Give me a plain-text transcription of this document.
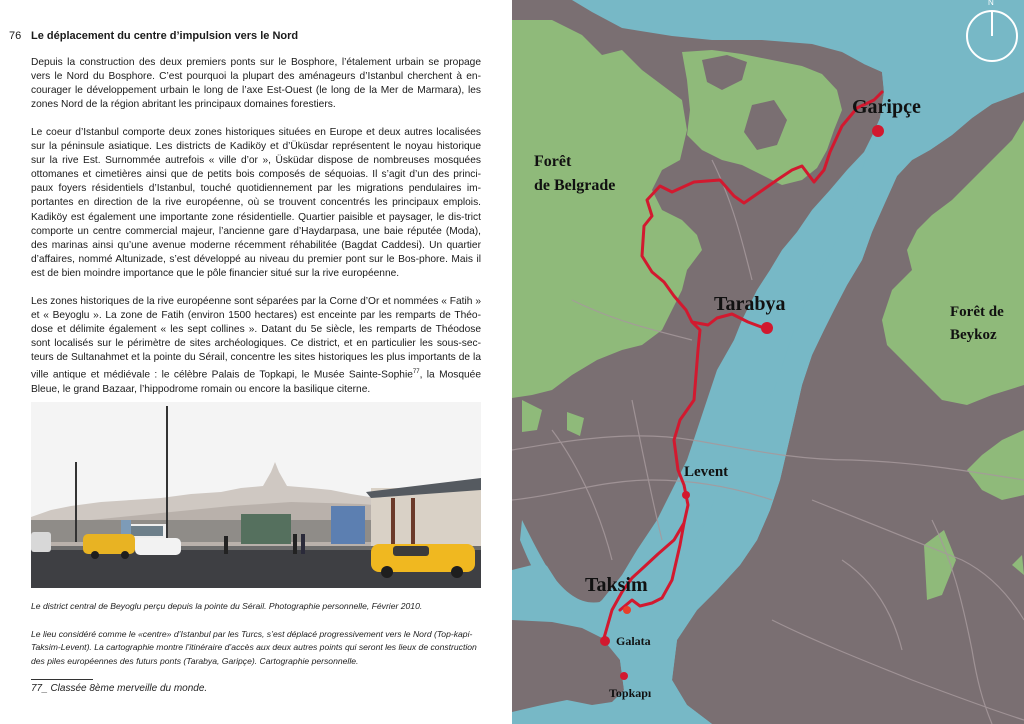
76 Le déplacement du centre d’impulsion vers le Nord

Depuis la construction des deux premiers ponts sur le Bosphore, l’étalement urbain se propage vers le Nord du Bosphore. C’est pourquoi la plupart des aménageurs d’Istanbul cherchent à en-courager le développement urbain le long de l’axe Est-Ouest (le long de la Mer de Marmara), les zones Nord de la région abritant les principaux domaines forestiers.

Le coeur d’Istanbul comporte deux zones historiques situées en Europe et deux autres localisées sur la péninsule asiatique. Les districts de Kadiköy et d’Üküsdar représentent le noyau historique sur la rive Est. Surnommée autrefois « ville d’or », Üsküdar dispose de nombreuses mosquées ottomanes et cimetières ainsi que de petits bois composés de séquoias. Il s’agit d’un des princi-paux foyers résidentiels d’Istanbul, touché quotidiennement par les migrations pendulaires im-portantes en direction de la rive européenne, où se trouvent concentrés les principaux emplois. Kadiköy est également une importante zone résidentielle. Quartier paisible et paysager, le dis-trict comporte un centre commercial majeur, l’ancienne gare d’Haydarpasa, une baie réputée (Moda), des marinas ainsi qu’une avenue moderne récemment réhabilitée (Bagdat Caddesi). Un quartier d’affaires, nommé Altunizade, s’est développé au niveau du premier pont sur le Bos-phore. Mais il est de bien moindre importance que le pôle financier situé sur la rive européenne.

Les zones historiques de la rive européenne sont séparées par la Corne d’Or et nommées « Fatih » et « Beyoglu ». La zone de Fatih (environ 1500 hectares) est enceinte par les remparts de Théo-dose et délimite également « les sept collines ». Datant du 5e siècle, les remparts de Théodose sont localisés sur le périmètre de sites archéologiques. Ce district, et en particulier les sous-sec-teurs de Sultanahmet et la pointe du Sérail, concentre les sites historiques les plus importants de la ville antique et médiévale : le célèbre Palais de Topkapi, le Musée Sainte-Sophie$^{77}$, la Mosquée Bleue, le grand Bazaar, l’hippodrome romain ou encore la basilique citerne.

Le district central de Beyoglu perçu depuis la pointe du Sérail. Photographie personnelle, Février 2010.

Le lieu considéré comme le «centre» d’Istanbul par les Turcs, s’est déplacé progressivement vers le Nord (Top-kapi-Taksim-Levent). La cartographie montre l’itinéraire d’accès aux deux autres points qui seront les lieux de construction des piles européennes des futurs ponts (Tarabya, Garipçe). Cartographie personnelle.

77_ Classée 8ème merveille du monde.
Garipçe
Forêt
de Belgrade
Tarabya	Forêt de
Beykoz
Levent
Taksim
Galata
Topkapı
N
